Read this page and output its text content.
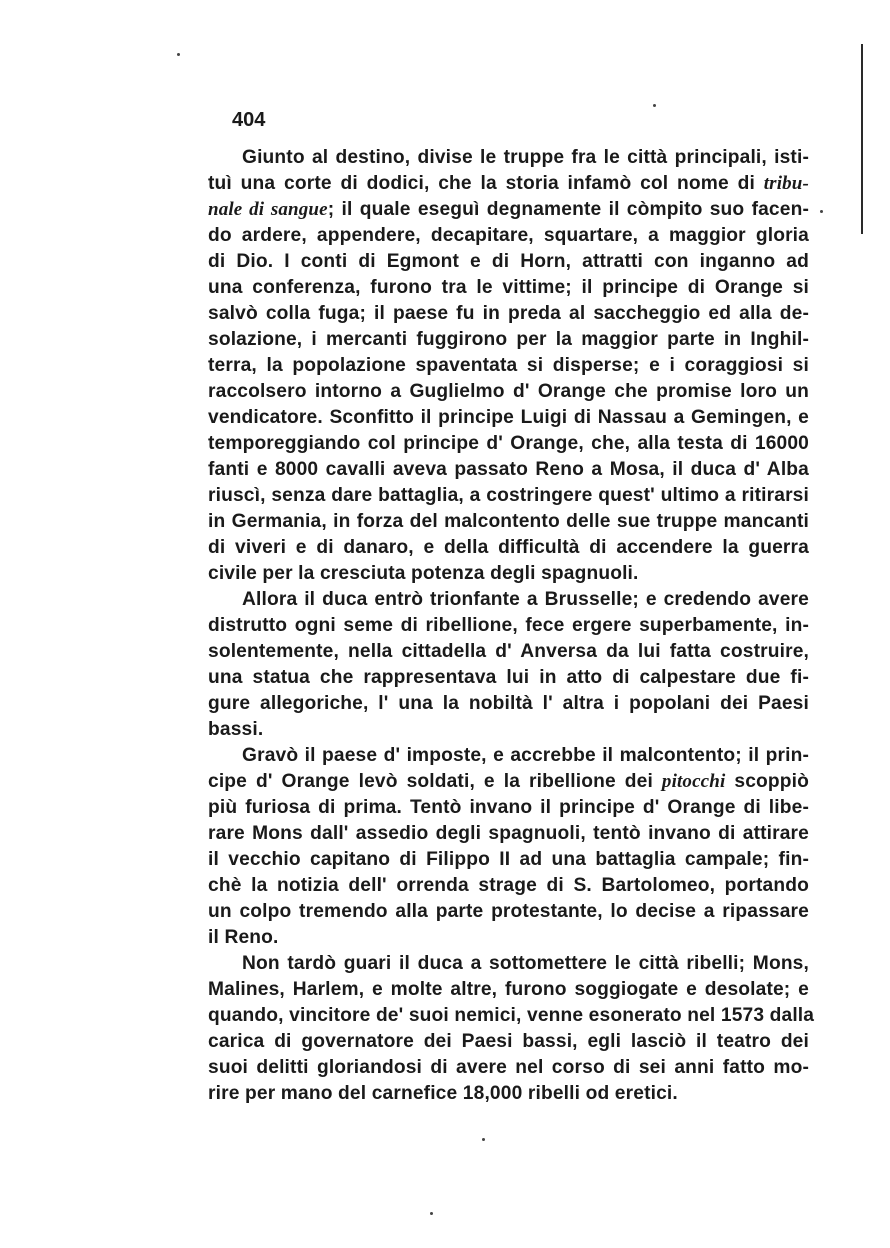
404
Giunto al destino, divise le truppe fra le città principali, isti-
tuì una corte di dodici, che la storia infamò col nome di tribu-
nale di sangue; il quale eseguì degnamente il còmpito suo facen-
do ardere, appendere, decapitare, squartare, a maggior gloria
di Dio. I conti di Egmont e di Horn, attratti con inganno ad
una conferenza, furono tra le vittime; il principe di Orange si
salvò colla fuga; il paese fu in preda al saccheggio ed alla de-
solazione, i mercanti fuggirono per la maggior parte in Inghil-
terra, la popolazione spaventata si disperse; e i coraggiosi si
raccolsero intorno a Guglielmo d' Orange che promise loro un
vendicatore. Sconfitto il principe Luigi di Nassau a Gemingen, e
temporeggiando col principe d' Orange, che, alla testa di 16000
fanti e 8000 cavalli aveva passato Reno a Mosa, il duca d' Alba
riuscì, senza dare battaglia, a costringere quest' ultimo a ritirarsi
in Germania, in forza del malcontento delle sue truppe mancanti
di viveri e di danaro, e della difficultà di accendere la guerra
civile per la cresciuta potenza degli spagnuoli.
Allora il duca entrò trionfante a Brusselle; e credendo avere
distrutto ogni seme di ribellione, fece ergere superbamente, in-
solentemente, nella cittadella d' Anversa da lui fatta costruire,
una statua che rappresentava lui in atto di calpestare due fi-
gure allegoriche, l' una la nobiltà l' altra i popolani dei Paesi
bassi.
Gravò il paese d' imposte, e accrebbe il malcontento; il prin-
cipe d' Orange levò soldati, e la ribellione dei pitocchi scoppiò
più furiosa di prima. Tentò invano il principe d' Orange di libe-
rare Mons dall' assedio degli spagnuoli, tentò invano di attirare
il vecchio capitano di Filippo II ad una battaglia campale; fin-
chè la notizia dell' orrenda strage di S. Bartolomeo, portando
un colpo tremendo alla parte protestante, lo decise a ripassare
il Reno.
Non tardò guari il duca a sottomettere le città ribelli; Mons,
Malines, Harlem, e molte altre, furono soggiogate e desolate; e
quando, vincitore de' suoi nemici, venne esonerato nel 1573 dalla
carica di governatore dei Paesi bassi, egli lasciò il teatro dei
suoi delitti gloriandosi di avere nel corso di sei anni fatto mo-
rire per mano del carnefice 18,000 ribelli od eretici.
